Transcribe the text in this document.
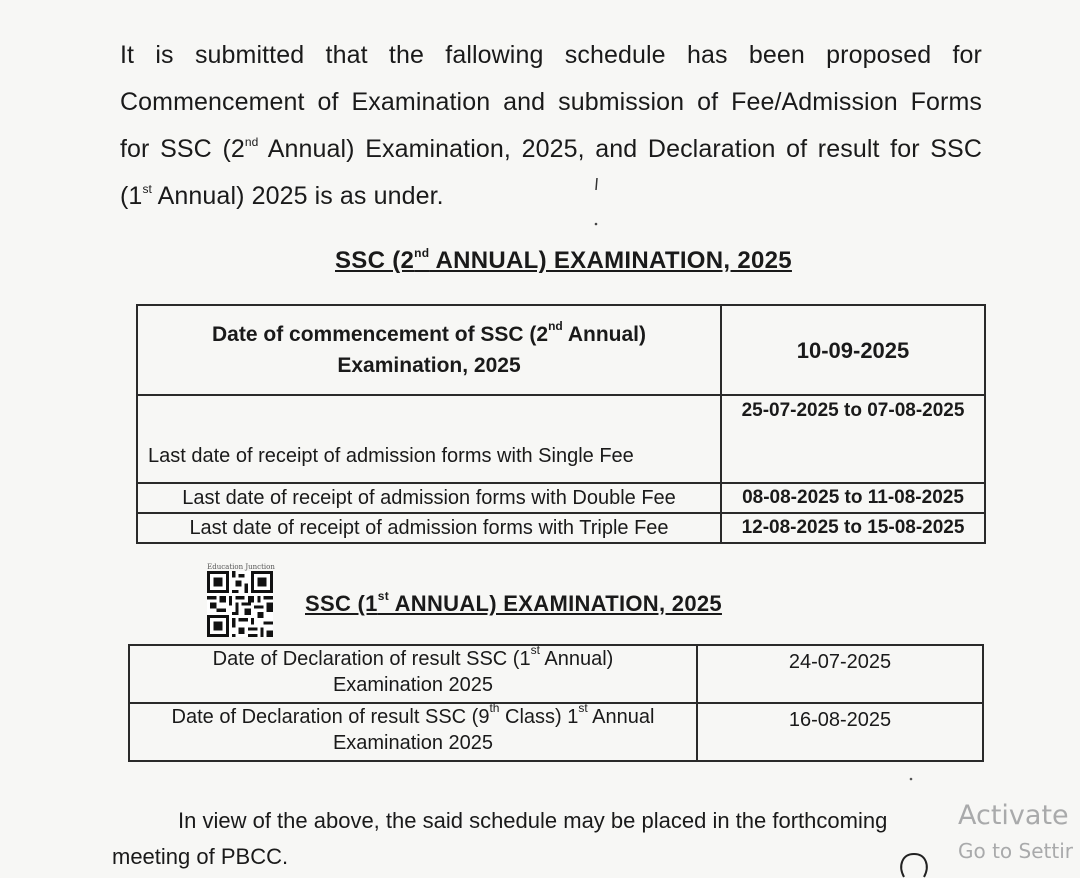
It is submitted that the fallowing schedule has been proposed for
Commencement of Examination and submission of Fee/Admission Forms
for SSC (2nd Annual) Examination, 2025, and Declaration of result for SSC
(1st Annual) 2025 is as under.
SSC (2nd ANNUAL) EXAMINATION, 2025
Date of commencement of SSC (2nd Annual)
Examination, 2025	10-09-2025
Last date of receipt of admission forms with Single Fee	25-07-2025 to 07-08-2025
Last date of receipt of admission forms with Double Fee	08-08-2025 to 11-08-2025
Last date of receipt of admission forms with Triple Fee	12-08-2025 to 15-08-2025
Education Junction
SSC (1st ANNUAL) EXAMINATION, 2025
Date of Declaration of result SSC (1st Annual)
Examination 2025	24-07-2025
Date of Declaration of result SSC (9th Class) 1st Annual
Examination 2025	16-08-2025
In view of the above, the said schedule may be placed in the forthcoming
meeting of PBCC.
Activate
Go to Settir
